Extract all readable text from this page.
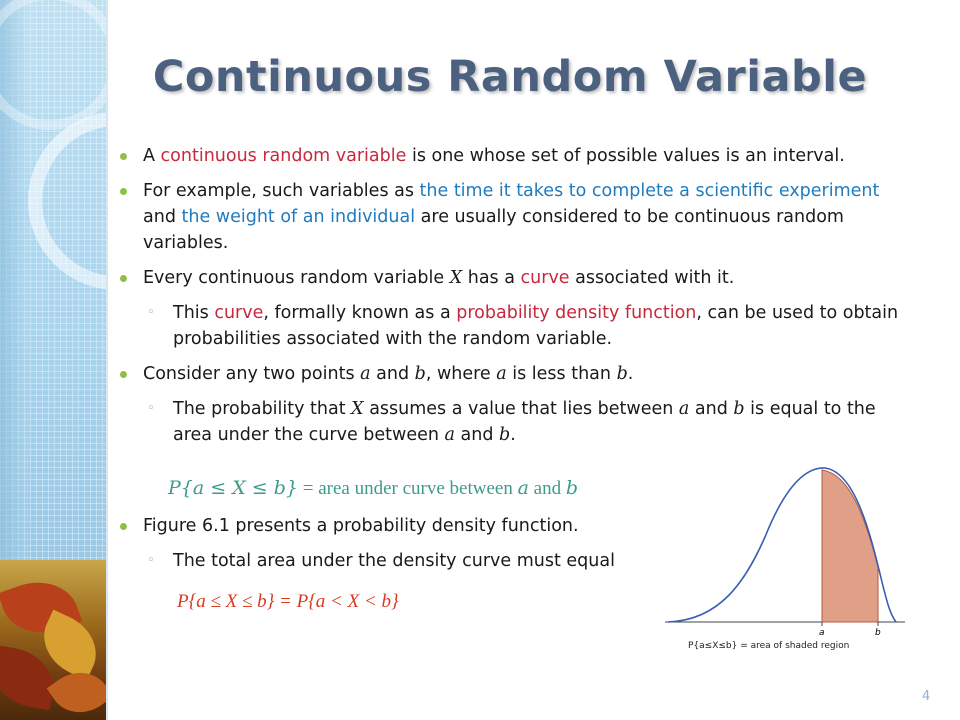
Continuous Random Variable
A continuous random variable is one whose set of possible values is an interval.
For example, such variables as the time it takes to complete a scientific experiment and the weight of an individual are usually considered to be continuous random variables.
Every continuous random variable X has a curve associated with it.
◦ This curve, formally known as a probability density function, can be used to obtain probabilities associated with the random variable.
Consider any two points a and b, where a is less than b.
◦ The probability that X assumes a value that lies between a and b is equal to the area under the curve between a and b.
P{a ≤ X ≤ b} = area under curve between a and b
Figure 6.1 presents a probability density function.
◦ The total area under the density curve must equal
P{a ≤ X ≤ b} = P{a < X < b}
a	b
P{a≤X≤b} = area of shaded region
4
